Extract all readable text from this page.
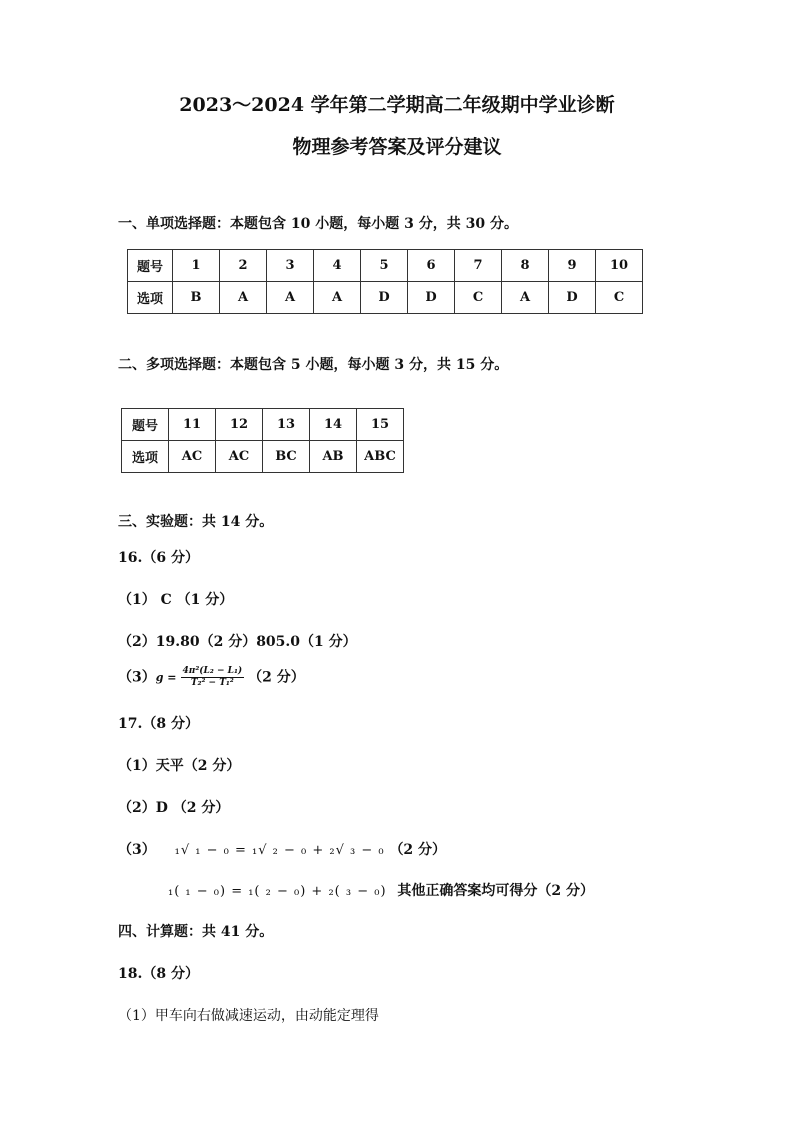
2023～2024 学年第二学期高二年级期中学业诊断
物理参考答案及评分建议
一、单项选择题：本题包含 10 小题，每小题 3 分，共 30 分。
题号	1	2	3	4	5	6	7	8	9	10
选项	B	A	A	A	D	D	C	A	D	C
二、多项选择题：本题包含 5 小题，每小题 3 分，共 15 分。
题号	11	12	13	14	15
选项	AC	AC	BC	AB	ABC
三、实验题：共 14 分。
16.（6 分）
（1） C （1 分）
（2）19.80（2 分）805.0（1 分）
$(3)g = \frac{\text{4π²(L₂ − L₁)}}{\text{T₂² − T₁²}} (2$ 分）
17.（8 分）
（1）天平（2 分）
（2）D （2 分）
（3） ₁√ ₁ − ₀ = ₁√ ₂ − ₀ + ₂√ ₃ − ₀ （2 分）
₁( ₁ − ₀) = ₁( ₂ − ₀) + ₂( ₃ − ₀) 其他正确答案均可得分（2 分）
四、计算题：共 41 分。
18.（8 分）
（1）甲车向右做减速运动，由动能定理得
